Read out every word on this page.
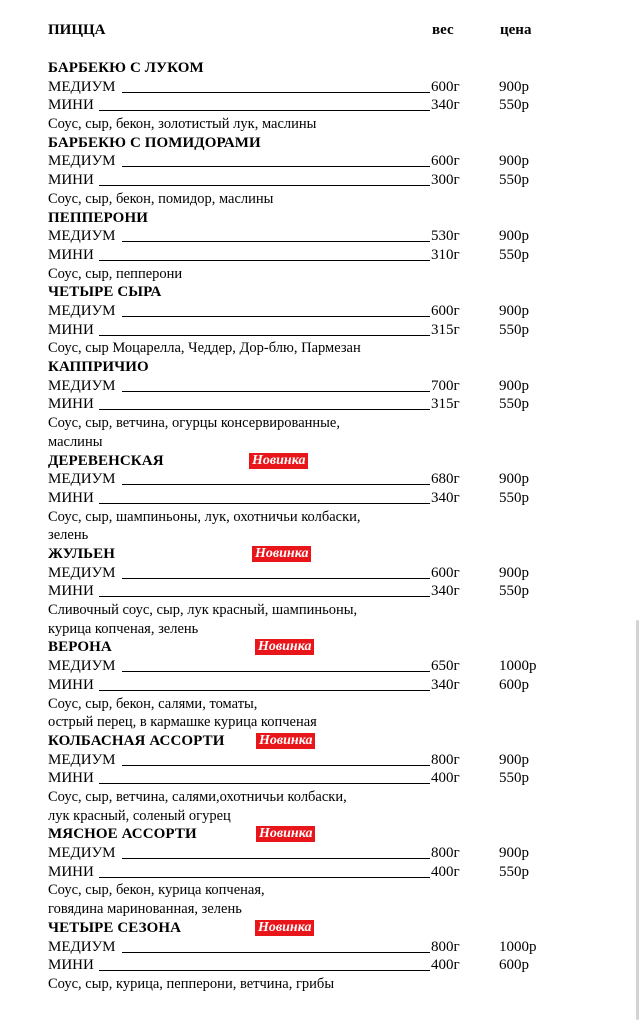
ПИЦЦА	вес	цена
БАРБЕКЮ С ЛУКОМ
МЕДИУМ	600г	900р
МИНИ	340г	550р
Соус, сыр, бекон, золотистый лук, маслины
БАРБЕКЮ С ПОМИДОРАМИ
МЕДИУМ	600г	900р
МИНИ	300г	550р
Соус, сыр, бекон, помидор, маслины
ПЕППЕРОНИ
МЕДИУМ	530г	900р
МИНИ	310г	550р
Соус, сыр, пепперони
ЧЕТЫРЕ СЫРА
МЕДИУМ	600г	900р
МИНИ	315г	550р
Соус, сыр Моцарелла, Чеддер, Дор-блю, Пармезан
КАППРИЧИО
МЕДИУМ	700г	900р
МИНИ	315г	550р
Соус, сыр, ветчина, огурцы консервированные,
маслины
ДЕРЕВЕНСКАЯ	Новинка
МЕДИУМ	680г	900р
МИНИ	340г	550р
Соус, сыр, шампиньоны, лук, охотничьи колбаски,
зелень
ЖУЛЬЕН	Новинка
МЕДИУМ	600г	900р
МИНИ	340г	550р
Сливочный соус, сыр, лук красный, шампиньоны,
курица копченая, зелень
ВЕРОНА	Новинка
МЕДИУМ	650г	1000р
МИНИ	340г	600р
Соус, сыр, бекон, салями, томаты,
острый перец, в кармашке курица копченая
КОЛБАСНАЯ АССОРТИ Новинка
МЕДИУМ	800г	900р
МИНИ	400г	550р
Соус, сыр, ветчина, салями,охотничьи колбаски,
лук красный, соленый огурец
МЯСНОЕ АССОРТИ	Новинка
МЕДИУМ	800г	900р
МИНИ	400г	550р
Соус, сыр, бекон, курица копченая,
говядина маринованная, зелень
ЧЕТЫРЕ СЕЗОНА	Новинка
МЕДИУМ	800г	1000р
МИНИ	400г	600р
Соус, сыр, курица, пепперони, ветчина, грибы
